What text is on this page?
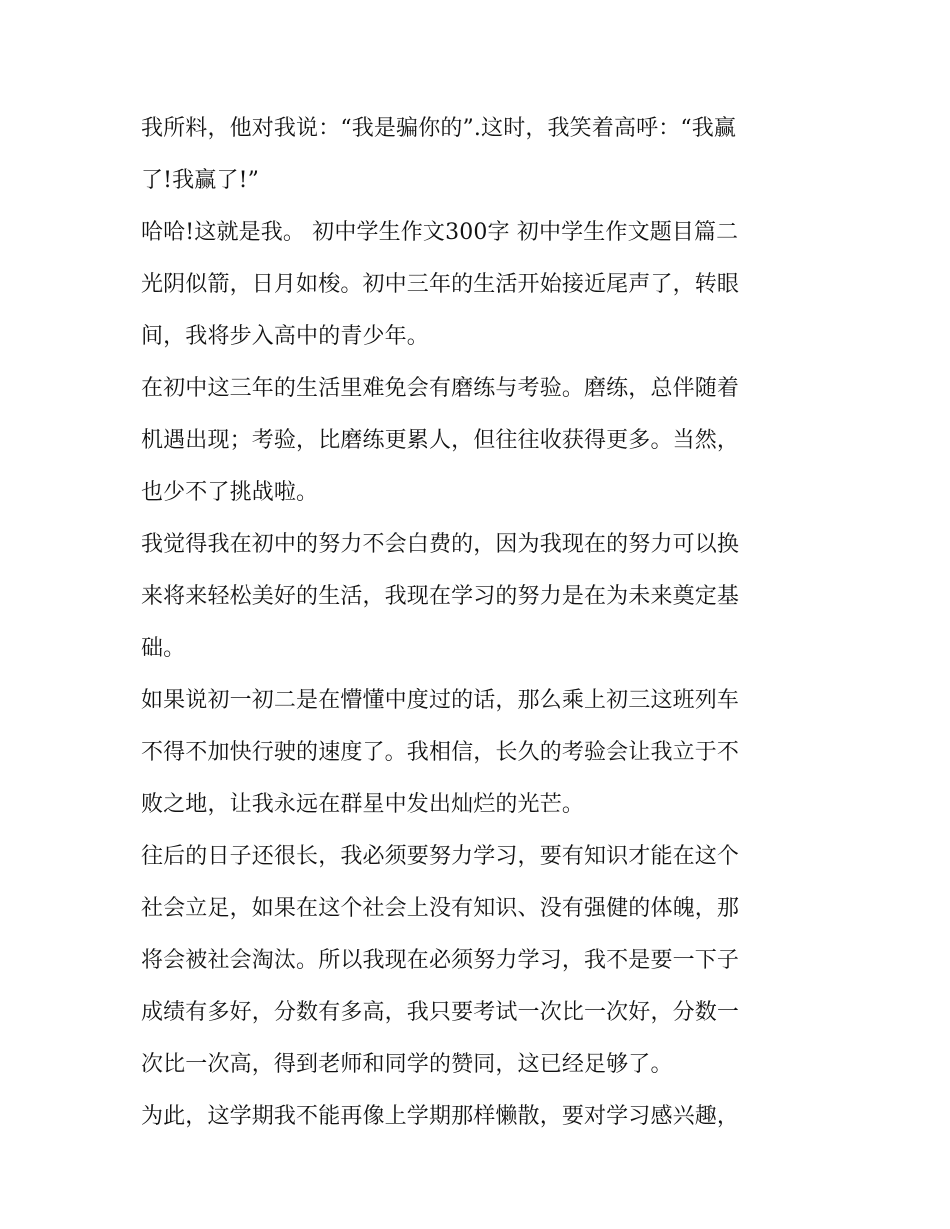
我所料，他对我说：“我是骗你的”.这时，我笑着高呼：“我赢
了!我赢了!”
哈哈!这就是我。 初中学生作文300字 初中学生作文题目篇二
光阴似箭，日月如梭。初中三年的生活开始接近尾声了，转眼
间，我将步入高中的青少年。
在初中这三年的生活里难免会有磨练与考验。磨练，总伴随着
机遇出现；考验，比磨练更累人，但往往收获得更多。当然，
也少不了挑战啦。
我觉得我在初中的努力不会白费的，因为我现在的努力可以换
来将来轻松美好的生活，我现在学习的努力是在为未来奠定基
础。
如果说初一初二是在懵懂中度过的话，那么乘上初三这班列车
不得不加快行驶的速度了。我相信，长久的考验会让我立于不
败之地，让我永远在群星中发出灿烂的光芒。
往后的日子还很长，我必须要努力学习，要有知识才能在这个
社会立足，如果在这个社会上没有知识、没有强健的体魄，那
将会被社会淘汰。所以我现在必须努力学习，我不是要一下子
成绩有多好，分数有多高，我只要考试一次比一次好，分数一
次比一次高，得到老师和同学的赞同，这已经足够了。
为此，这学期我不能再像上学期那样懒散，要对学习感兴趣，
